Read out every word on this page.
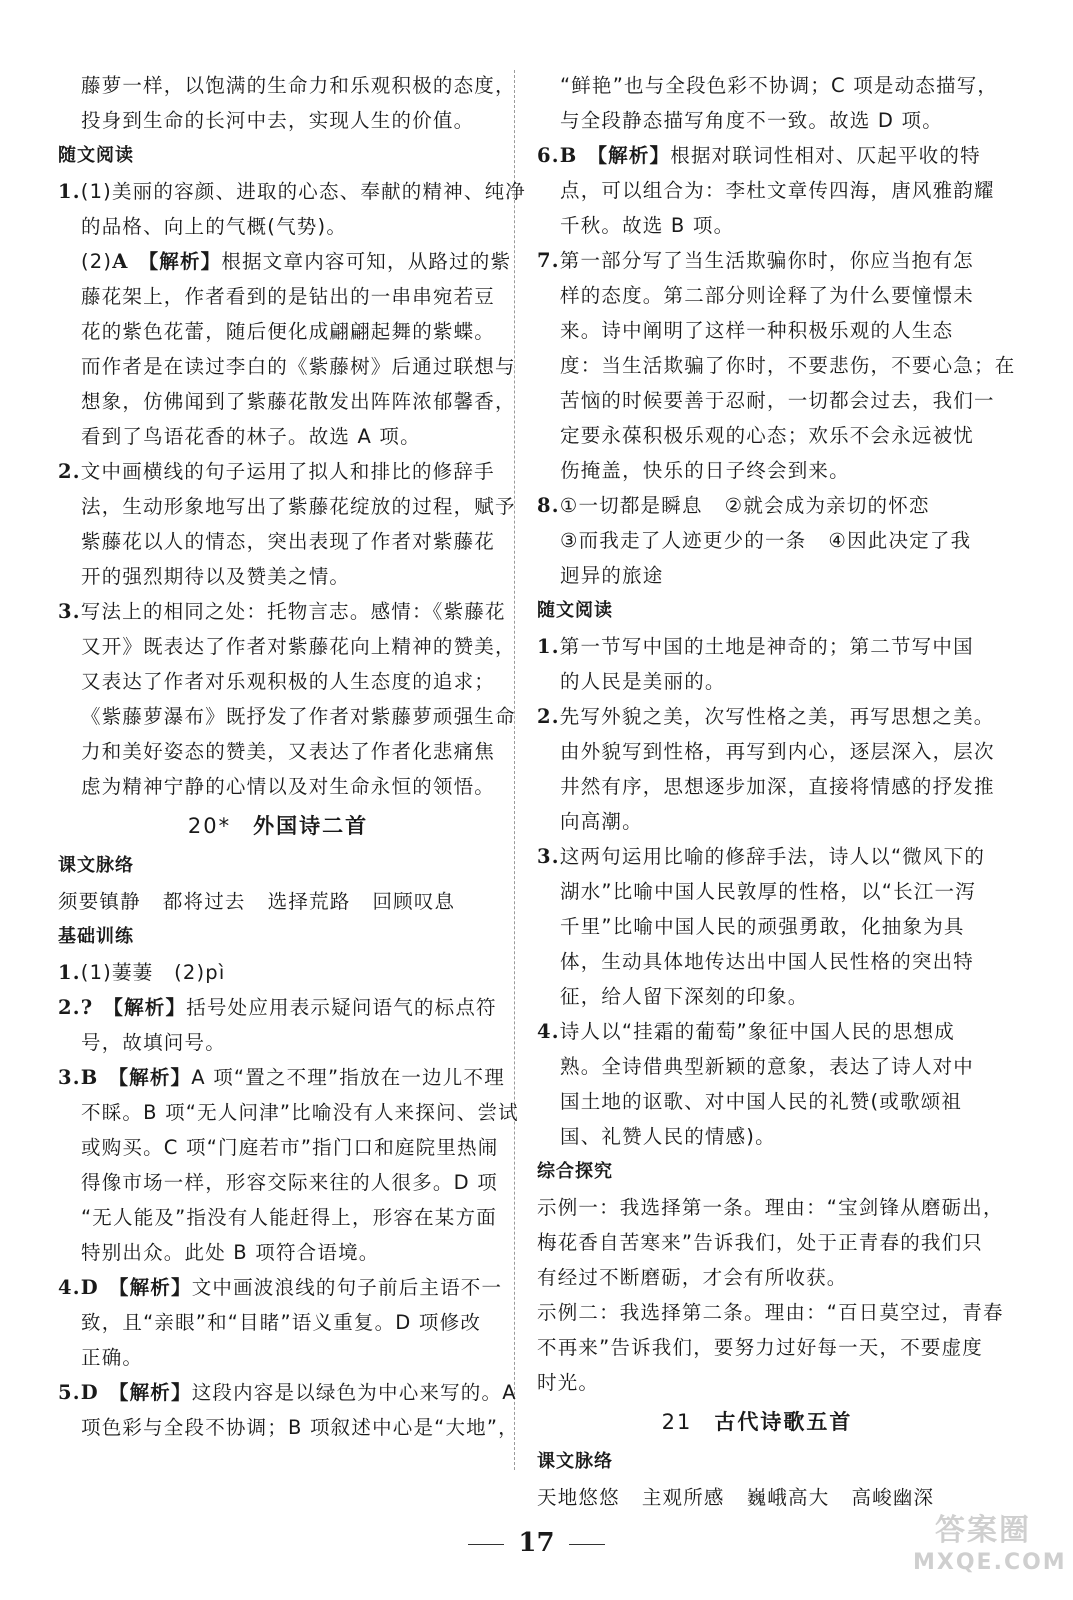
藤萝一样，以饱满的生命力和乐观积极的态度，
投身到生命的长河中去，实现人生的价值。
随文阅读
1.(1)美丽的容颜、进取的心态、奉献的精神、纯净
的品格、向上的气概(气势)。
(2)A 【解析】根据文章内容可知，从路过的紫
藤花架上，作者看到的是钻出的一串串宛若豆
花的紫色花蕾，随后便化成翩翩起舞的紫蝶。
而作者是在读过李白的《紫藤树》后通过联想与
想象，仿佛闻到了紫藤花散发出阵阵浓郁馨香，
看到了鸟语花香的林子。故选 A 项。
2.文中画横线的句子运用了拟人和排比的修辞手
法，生动形象地写出了紫藤花绽放的过程，赋予
紫藤花以人的情态，突出表现了作者对紫藤花
开的强烈期待以及赞美之情。
3.写法上的相同之处：托物言志。感情：《紫藤花
又开》既表达了作者对紫藤花向上精神的赞美，
又表达了作者对乐观积极的人生态度的追求；
《紫藤萝瀑布》既抒发了作者对紫藤萝顽强生命
力和美好姿态的赞美，又表达了作者化悲痛焦
虑为精神宁静的心情以及对生命永恒的领悟。
20* 外国诗二首
课文脉络
须要镇静 都将过去 选择荒路 回顾叹息
基础训练
1.(1)萋萋　(2)pì
2.? 【解析】括号处应用表示疑问语气的标点符
号，故填问号。
3.B 【解析】A 项“置之不理”指放在一边儿不理
不睬。B 项“无人问津”比喻没有人来探问、尝试
或购买。C 项“门庭若市”指门口和庭院里热闹
得像市场一样，形容交际来往的人很多。D 项
“无人能及”指没有人能赶得上，形容在某方面
特别出众。此处 B 项符合语境。
4.D 【解析】文中画波浪线的句子前后主语不一
致，且“亲眼”和“目睹”语义重复。D 项修改
正确。
5.D 【解析】这段内容是以绿色为中心来写的。A
项色彩与全段不协调；B 项叙述中心是“大地”，
“鲜艳”也与全段色彩不协调；C 项是动态描写，
与全段静态描写角度不一致。故选 D 项。
6.B 【解析】根据对联词性相对、仄起平收的特
点，可以组合为：李杜文章传四海，唐风雅韵耀
千秋。故选 B 项。
7.第一部分写了当生活欺骗你时，你应当抱有怎
样的态度。第二部分则诠释了为什么要憧憬未
来。诗中阐明了这样一种积极乐观的人生态
度：当生活欺骗了你时，不要悲伤，不要心急；在
苦恼的时候要善于忍耐，一切都会过去，我们一
定要永葆积极乐观的心态；欢乐不会永远被忧
伤掩盖，快乐的日子终会到来。
8.①一切都是瞬息 ②就会成为亲切的怀恋
③而我走了人迹更少的一条 ④因此决定了我
迥异的旅途
随文阅读
1.第一节写中国的土地是神奇的；第二节写中国
的人民是美丽的。
2.先写外貌之美，次写性格之美，再写思想之美。
由外貌写到性格，再写到内心，逐层深入，层次
井然有序，思想逐步加深，直接将情感的抒发推
向高潮。
3.这两句运用比喻的修辞手法，诗人以“微风下的
湖水”比喻中国人民敦厚的性格，以“长江一泻
千里”比喻中国人民的顽强勇敢，化抽象为具
体，生动具体地传达出中国人民性格的突出特
征，给人留下深刻的印象。
4.诗人以“挂霜的葡萄”象征中国人民的思想成
熟。全诗借典型新颖的意象，表达了诗人对中
国土地的讴歌、对中国人民的礼赞(或歌颂祖
国、礼赞人民的情感)。
综合探究
示例一：我选择第一条。理由：“宝剑锋从磨砺出，
梅花香自苦寒来”告诉我们，处于正青春的我们只
有经过不断磨砺，才会有所收获。
示例二：我选择第二条。理由：“百日莫空过，青春
不再来”告诉我们，要努力过好每一天，不要虚度
时光。
21 古代诗歌五首
课文脉络
天地悠悠 主观所感 巍峨高大 高峻幽深
17	答案圈
MXQE.COM
